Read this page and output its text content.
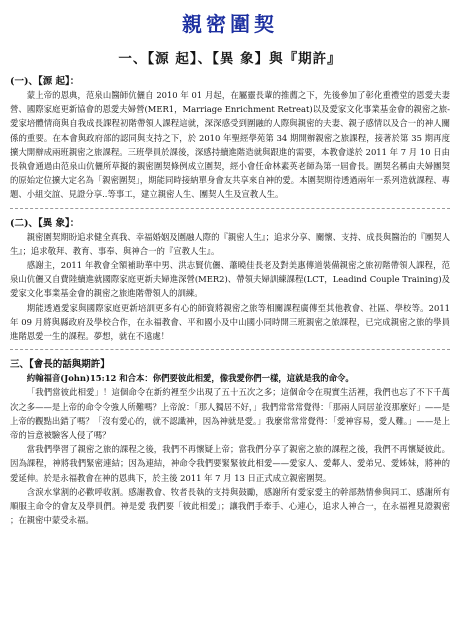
親密圍契
一、【源 起】、【異 象】與『期許』
(一)、【源 起】：

蒙上帝的恩典，范泉山醫師伉儷自 2010 年 01 月起，在屬靈長輩的推薦之下，先後參加了彰化重禮堂的恩愛夫妻營、國際家庭更新協會的恩愛夫婦營(MER1，Marriage Enrichment Retreat)以及愛家文化事業基金會的親密之旅-愛家培體情商與自我成長課程初階帶領人課程這就，深深感受到圍融的人際與親密的夫妻、親子感情以及合一的神人關係的重要。在本會與政府部的認同與支持之下，於 2010 年聖經學苑第 34 期開辦親密之旅課程，接著於第 35 期再度擴大開辦成兩班親密之旅課程。三班學員於課後，深感持續進階造就與跟進的需要，本教會遂於 2011 年 7 月 10 日由長執會通過由范泉山伉儷所草擬的親密圍契條例成立圍契，經小會任命林素英老師為第一屆會長。圍契名稱由夫婦團契的原始定位擴大定名為「親密圍契」，期能同時接納單身會友共享來自神的愛。本圍契期待透過兩年一系列造就課程、專題、小組交誼、見證分享..等事工，建立親密人生、團契人生及宣教人生。

(二)、【異 象】：

親密圍契期盼追求健全真我、幸福婚姻及圍融人際的『親密人生』；追求分享、關懷、支持、成長與醫治的『團契人生』；追求敬拜、教育、事奉、與神合一的『宣教人生』。

感謝主，2011 年教會全額補助華中男、洪志賢伉儷、蕭曉佳長老及對美惠傳道裝備親密之旅初階帶領人課程，范泉山伉儷又自費陸續進就國際家庭更新夫婦進深營(MER2)、帶領夫婦訓練課程(LCT，Leadind Couple Training)及愛家文化事業基金會的親密之旅進階帶領人的訓練。

期能透過愛家與國際家庭更新培訓更多有心的師資將親密之旅等相關課程廣傳至其他教會、社區、學校等。2011 年 09 月將與縣政府及學校合作，在永福教會、平和國小及中山國小同時開三班親密之旅課程，已完成親密之旅的學員進階恩愛一生的課程。夢想，就在不遠處！

三、【會長的話與期許】

約翰福音(John)15:12 和合本：你們要彼此相愛，像我愛你們一樣，這就是我的命令。

「我們當彼此相愛」！這個命令在新約裡至少出現了五十五次之多；這個命令在現實生活裡，我們也忘了不下千萬次之多——是上帝的命令令強人所難嗎？上帝說：「那人獨居不好，」我們常常常覺得：「那兩人同居並沒那麼好」——是上帝的觀點出錯了嗎？「沒有愛心的，就不認識神，因為神就是愛。」我麼常常常覺得：「愛神容易，愛人難。」——是上帝的旨意被驗客人侵了嗎？

當我們學習了親密之旅的課程之後，我們不再懷疑上帝；當我們分享了親密之旅的課程之後，我們不再懷疑彼此。因為課程，神將我們緊密連結；因為連結，神命令我們要緊緊彼此相愛——愛家人、愛鄰人、愛弟兄、愛姊妹，將神的愛延伸。於是永福教會在神的恩典下，於主後 2011 年 7 月 13 日正式成立親密圍契。

含淚水掌割的必歡呼收割。感謝教會、牧者長執的支持與鼓勵，感謝所有愛家愛主的幹部熱情參與同工、感謝所有順服主命令的會友及學員們。神是愛 我們要「彼此相愛」；讓我們手牽手、心連心，追求人神合一，在永福裡見證親密 ；在親密中蒙受永福。
